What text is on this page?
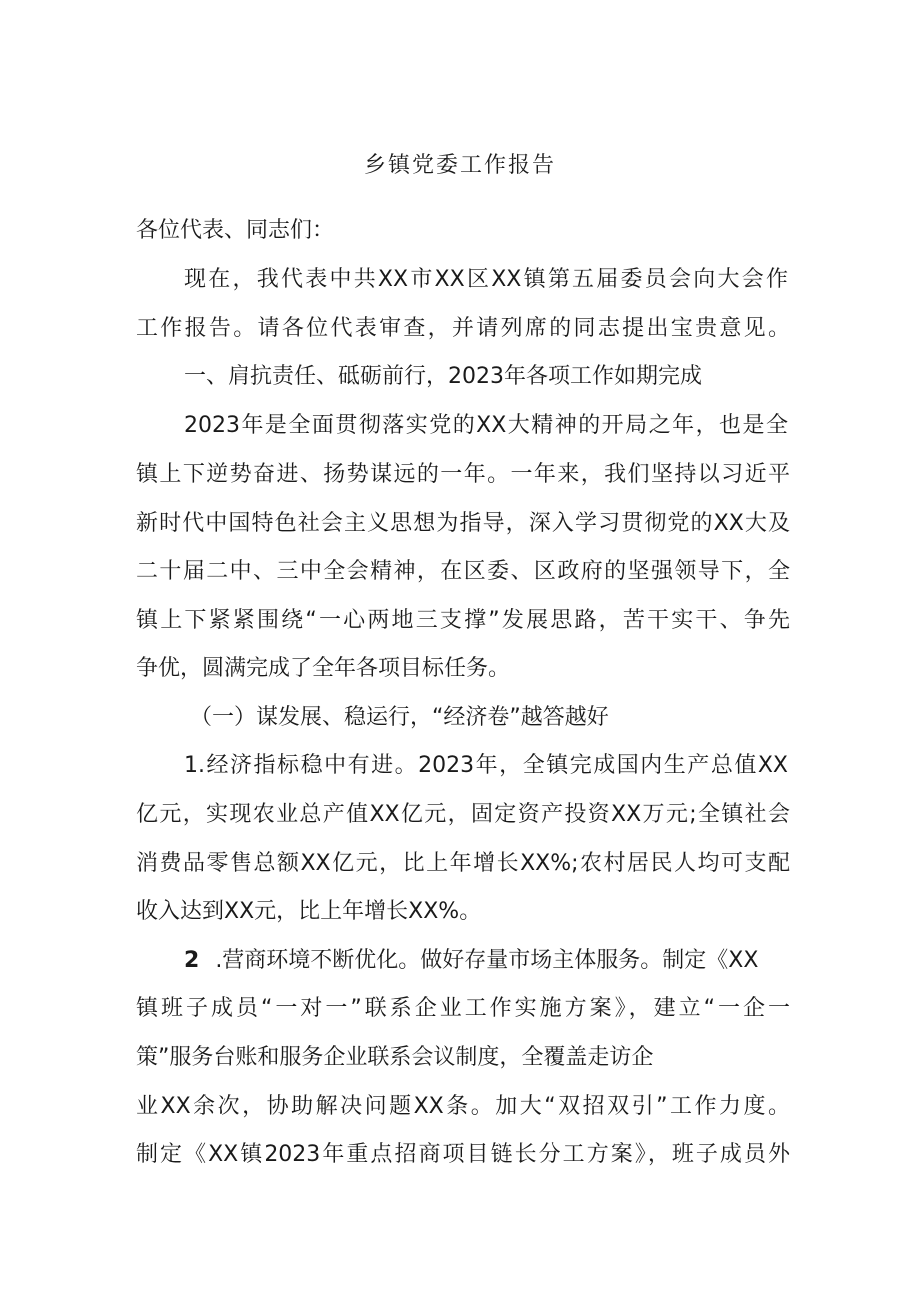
乡镇党委工作报告
各位代表、同志们：
现在，我代表中共XX市XX区XX镇第五届委员会向大会作
工作报告。请各位代表审查，并请列席的同志提出宝贵意见。
一、肩抗责任、砥砺前行，2023年各项工作如期完成
2023年是全面贯彻落实党的XX大精神的开局之年，也是全
镇上下逆势奋进、扬势谋远的一年。一年来，我们坚持以习近平
新时代中国特色社会主义思想为指导，深入学习贯彻党的XX大及
二十届二中、三中全会精神，在区委、区政府的坚强领导下，全
镇上下紧紧围绕“一心两地三支撑”发展思路，苦干实干、争先
争优，圆满完成了全年各项目标任务。
（一）谋发展、稳运行，“经济卷”越答越好
1.经济指标稳中有进。2023年，全镇完成国内生产总值XX
亿元，实现农业总产值XX亿元，固定资产投资XX万元;全镇社会
消费品零售总额XX亿元，比上年增长XX%;农村居民人均可支配
收入达到XX元，比上年增长XX%。
2 .营商环境不断优化。做好存量市场主体服务。制定《XX
镇班子成员“一对一”联系企业工作实施方案》，建立“一企一
策”服务台账和服务企业联系会议制度，全覆盖走访企
业XX余次，协助解决问题XX条。加大“双招双引”工作力度。
制定《XX镇2023年重点招商项目链长分工方案》，班子成员外
